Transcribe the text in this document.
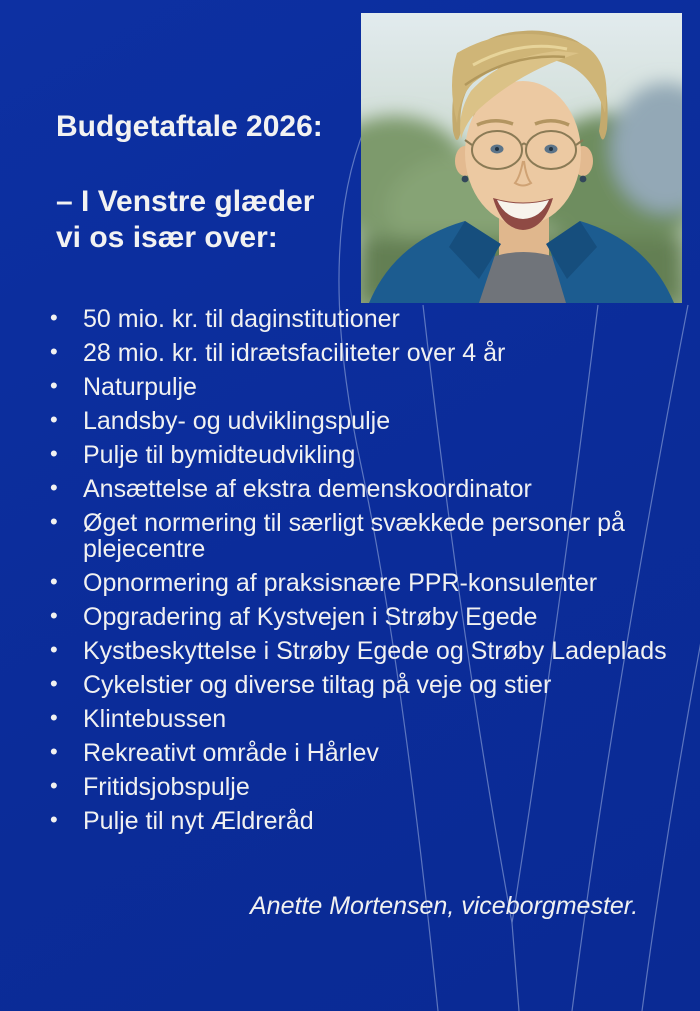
Budgetaftale 2026:
– I Venstre glæder
vi os især over:
• 50 mio. kr. til daginstitutioner
• 28 mio. kr. til idrætsfaciliteter over 4 år
• Naturpulje
• Landsby- og udviklingspulje
• Pulje til bymidteudvikling
• Ansættelse af ekstra demenskoordinator
• Øget normering til særligt svækkede personer på plejecentre
• Opnormering af praksisnære PPR-konsulenter
• Opgradering af Kystvejen i Strøby Egede
• Kystbeskyttelse i Strøby Egede og Strøby Ladeplads
• Cykelstier og diverse tiltag på veje og stier
• Klintebussen
• Rekreativt område i Hårlev
• Fritidsjobspulje
• Pulje til nyt Ældreråd
Anette Mortensen, viceborgmester.
